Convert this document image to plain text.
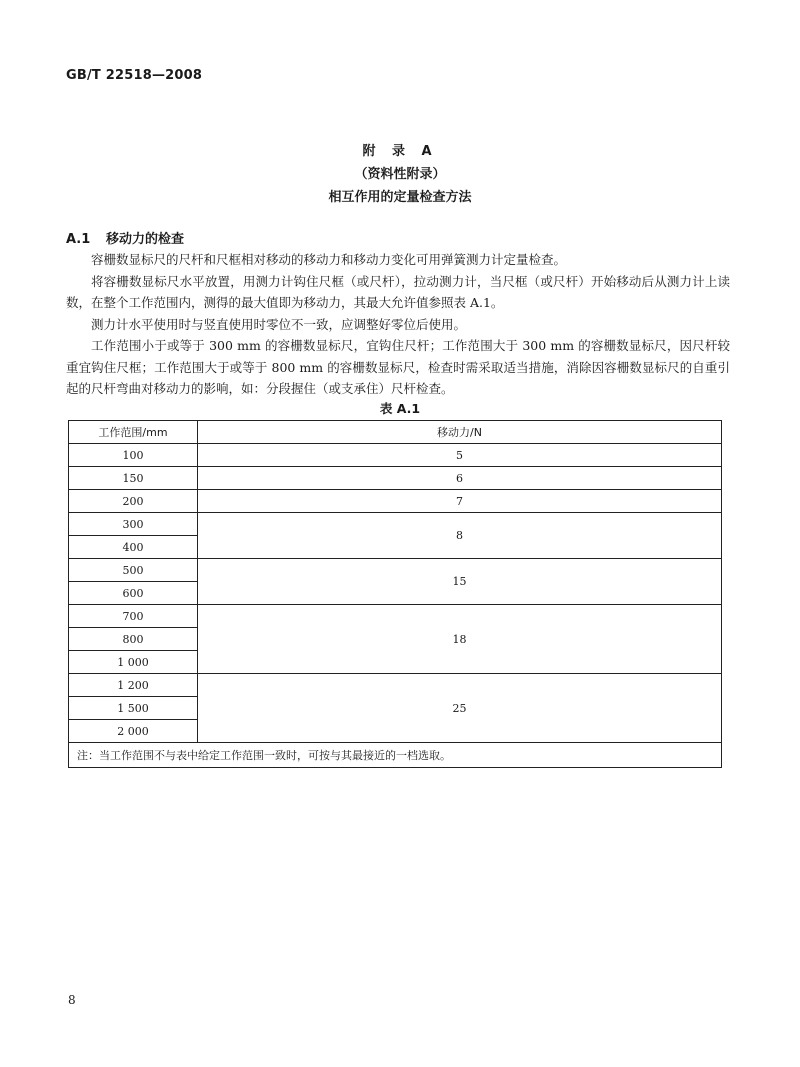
GB/T 22518—2008
附 录 A
（资料性附录）
相互作用的定量检查方法
A.1 移动力的检查

容栅数显标尺的尺杆和尺框相对移动的移动力和移动力变化可用弹簧测力计定量检查。

将容栅数显标尺水平放置，用测力计钩住尺框（或尺杆），拉动测力计，当尺框（或尺杆）开始移动后从测力计上读数，在整个工作范围内，测得的最大值即为移动力，其最大允许值参照表 A.1。

测力计水平使用时与竖直使用时零位不一致，应调整好零位后使用。

工作范围小于或等于 300 mm 的容栅数显标尺，宜钩住尺杆；工作范围大于 300 mm 的容栅数显标尺，因尺杆较重宜钩住尺框；工作范围大于或等于 800 mm 的容栅数显标尺，检查时需采取适当措施，消除因容栅数显标尺的自重引起的尺杆弯曲对移动力的影响，如：分段握住（或支承住）尺杆检查。

表 A.1
工作范围/mm	移动力/N
100	5
150	6
200	7
300	8
400	
500	15
600	
700	18
800	
1 000	
1 200	25
1 500	
2 000	
注：当工作范围不与表中给定工作范围一致时，可按与其最接近的一档选取。	
8
